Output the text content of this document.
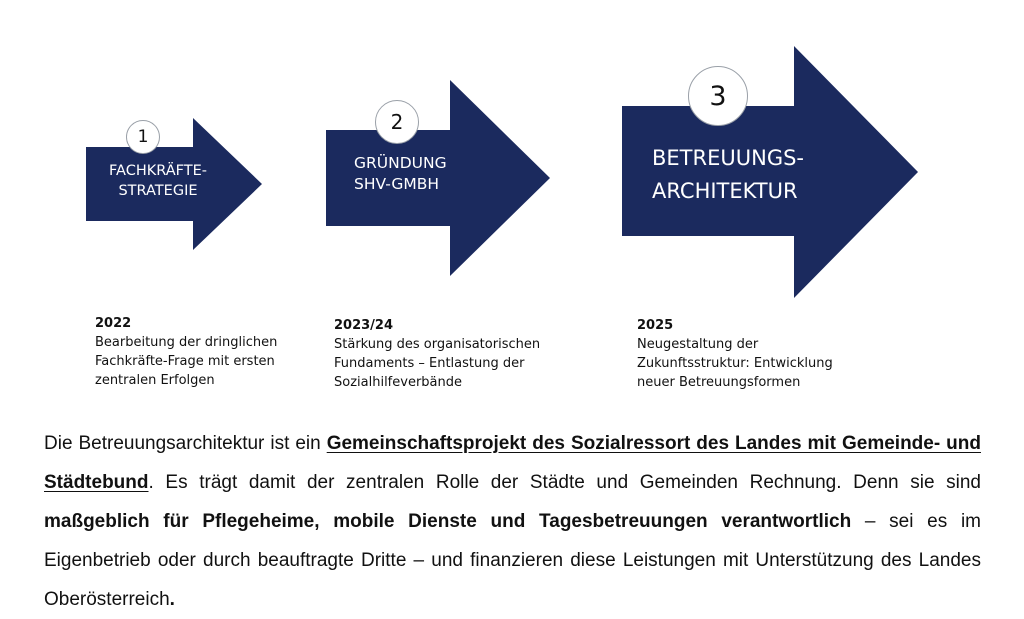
1
FACHKRÄFTE-
STRATEGIE
2
GRÜNDUNG
SHV-GMBH
3
BETREUUNGS-
ARCHITEKTUR
2022
Bearbeitung der dringlichen
Fachkräfte-Frage mit ersten
zentralen Erfolgen
2023/24
Stärkung des organisatorischen
Fundaments – Entlastung der
Sozialhilfeverbände
2025
Neugestaltung der
Zukunftsstruktur: Entwicklung
neuer Betreuungsformen

Die Betreuungsarchitektur ist ein Gemeinschaftsprojekt des Sozialressort des Landes mit Gemeinde- und Städtebund. Es trägt damit der zentralen Rolle der Städte und Gemeinden Rechnung. Denn sie sind maßgeblich für Pflegeheime, mobile Dienste und Tagesbetreuungen verantwortlich – sei es im Eigenbetrieb oder durch beauftragte Dritte – und finanzieren diese Leistungen mit Unterstützung des Landes Oberösterreich.
